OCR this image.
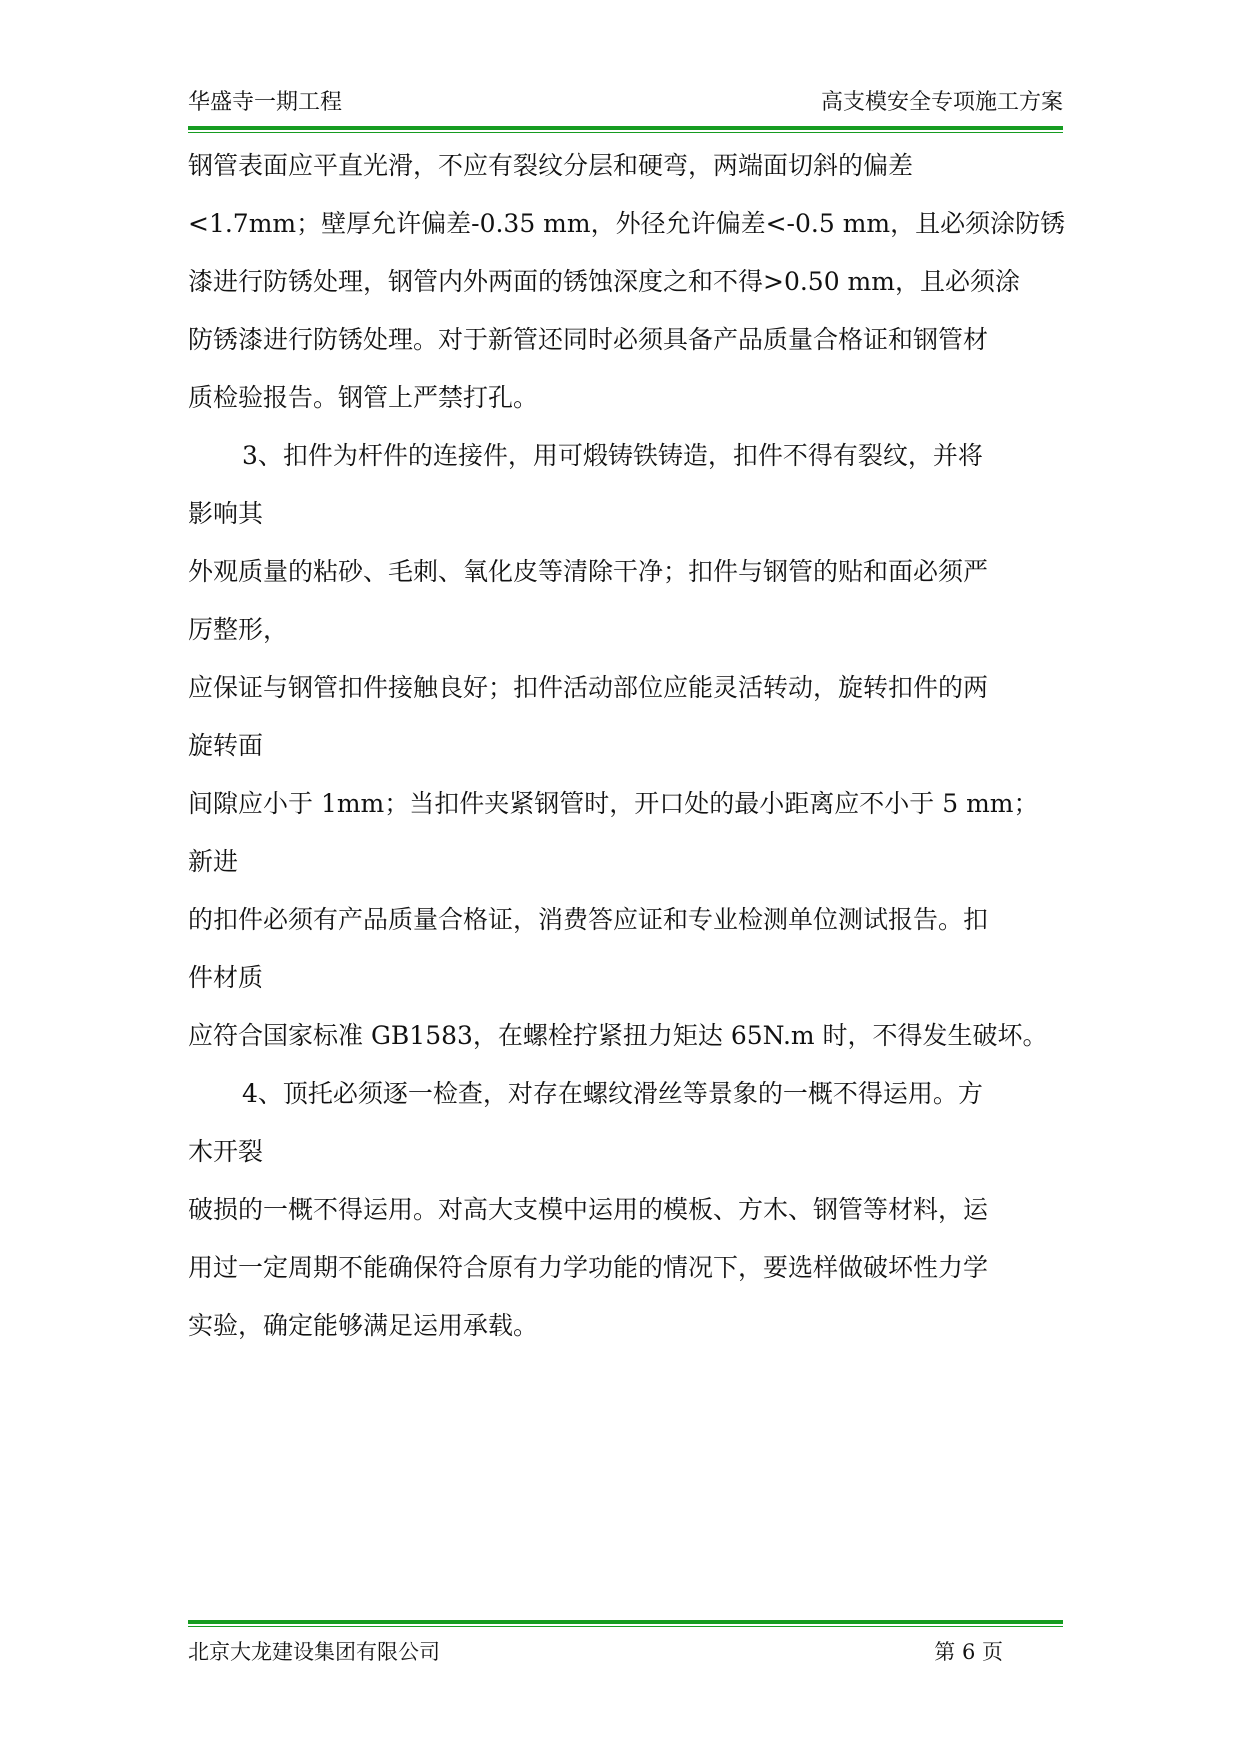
华盛寺一期工程	高支模安全专项施工方案
钢管表面应平直光滑，不应有裂纹分层和硬弯，两端面切斜的偏差
<1.7mm；壁厚允许偏差-0.35 mm，外径允许偏差<-0.5 mm，且必须涂防锈
漆进行防锈处理，钢管内外两面的锈蚀深度之和不得>0.50 mm，且必须涂
防锈漆进行防锈处理。对于新管还同时必须具备产品质量合格证和钢管材
质检验报告。钢管上严禁打孔。
3、扣件为杆件的连接件，用可煅铸铁铸造，扣件不得有裂纹，并将
影响其
外观质量的粘砂、毛刺、氧化皮等清除干净；扣件与钢管的贴和面必须严
厉整形，
应保证与钢管扣件接触良好；扣件活动部位应能灵活转动，旋转扣件的两
旋转面
间隙应小于 1mm；当扣件夹紧钢管时，开口处的最小距离应不小于 5 mm；
新进
的扣件必须有产品质量合格证，消费答应证和专业检测单位测试报告。扣
件材质
应符合国家标准 GB1583，在螺栓拧紧扭力矩达 65N.m 时，不得发生破坏。
4、顶托必须逐一检查，对存在螺纹滑丝等景象的一概不得运用。方
木开裂
破损的一概不得运用。对高大支模中运用的模板、方木、钢管等材料，运
用过一定周期不能确保符合原有力学功能的情况下，要选样做破坏性力学
实验，确定能够满足运用承载。
北京大龙建设集团有限公司	第 6 页
